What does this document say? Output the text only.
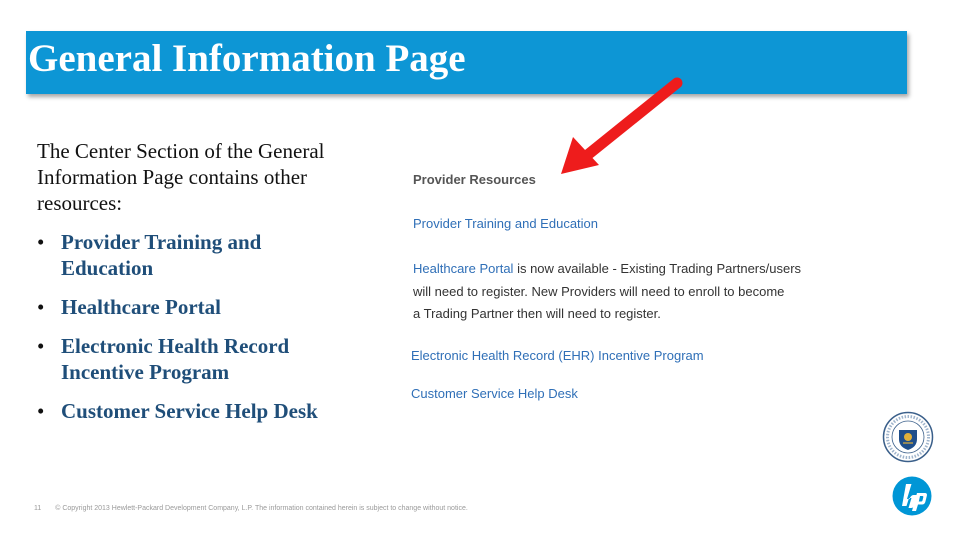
General Information Page
The Center Section of the General Information Page contains other resources:
• Provider Training and Education
• Healthcare Portal
• Electronic Health Record Incentive Program
• Customer Service Help Desk
Provider Resources
Provider Training and Education
Healthcare Portal is now available - Existing Trading Partners/users
will need to register. New Providers will need to enroll to become
a Trading Partner then will need to register.
Electronic Health Record (EHR) Incentive Program
Customer Service Help Desk
11 © Copyright 2013 Hewlett-Packard Development Company, L.P. The information contained herein is subject to change without notice.
